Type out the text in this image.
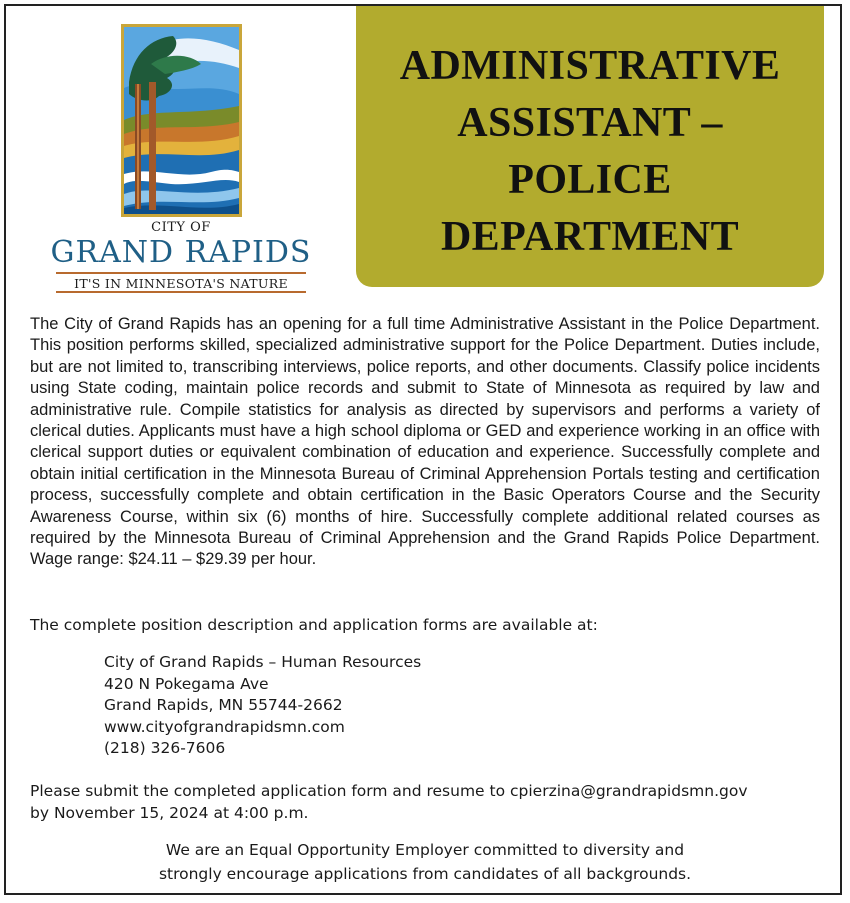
CITY OF
GRAND RAPIDS
IT'S IN MINNESOTA'S NATURE
ADMINISTRATIVE
ASSISTANT –
POLICE
DEPARTMENT

The City of Grand Rapids has an opening for a full time Administrative Assistant in the Police Department. This position performs skilled, specialized administrative support for the Police Department. Duties include, but are not limited to, transcribing interviews, police reports, and other documents. Classify police incidents using State coding, maintain police records and submit to State of Minnesota as required by law and administrative rule. Compile statistics for analysis as directed by supervisors and performs a variety of clerical duties. Applicants must have a high school diploma or GED and experience working in an office with clerical support duties or equivalent combination of education and experience. Successfully complete and obtain initial certification in the Minnesota Bureau of Criminal Apprehension Portals testing and certification process, successfully complete and obtain certification in the Basic Operators Course and the Security Awareness Course, within six (6) months of hire. Successfully complete additional related courses as required by the Minnesota Bureau of Criminal Apprehension and the Grand Rapids Police Department. Wage range: $24.11 – $29.39 per hour.

The complete position description and application forms are available at:

City of Grand Rapids – Human Resources
420 N Pokegama Ave
Grand Rapids, MN 55744-2662
www.cityofgrandrapidsmn.com
(218) 326-7606
Please submit the completed application form and resume to cpierzina@grandrapidsmn.gov
by November 15, 2024 at 4:00 p.m.
We are an Equal Opportunity Employer committed to diversity and
strongly encourage applications from candidates of all backgrounds.
